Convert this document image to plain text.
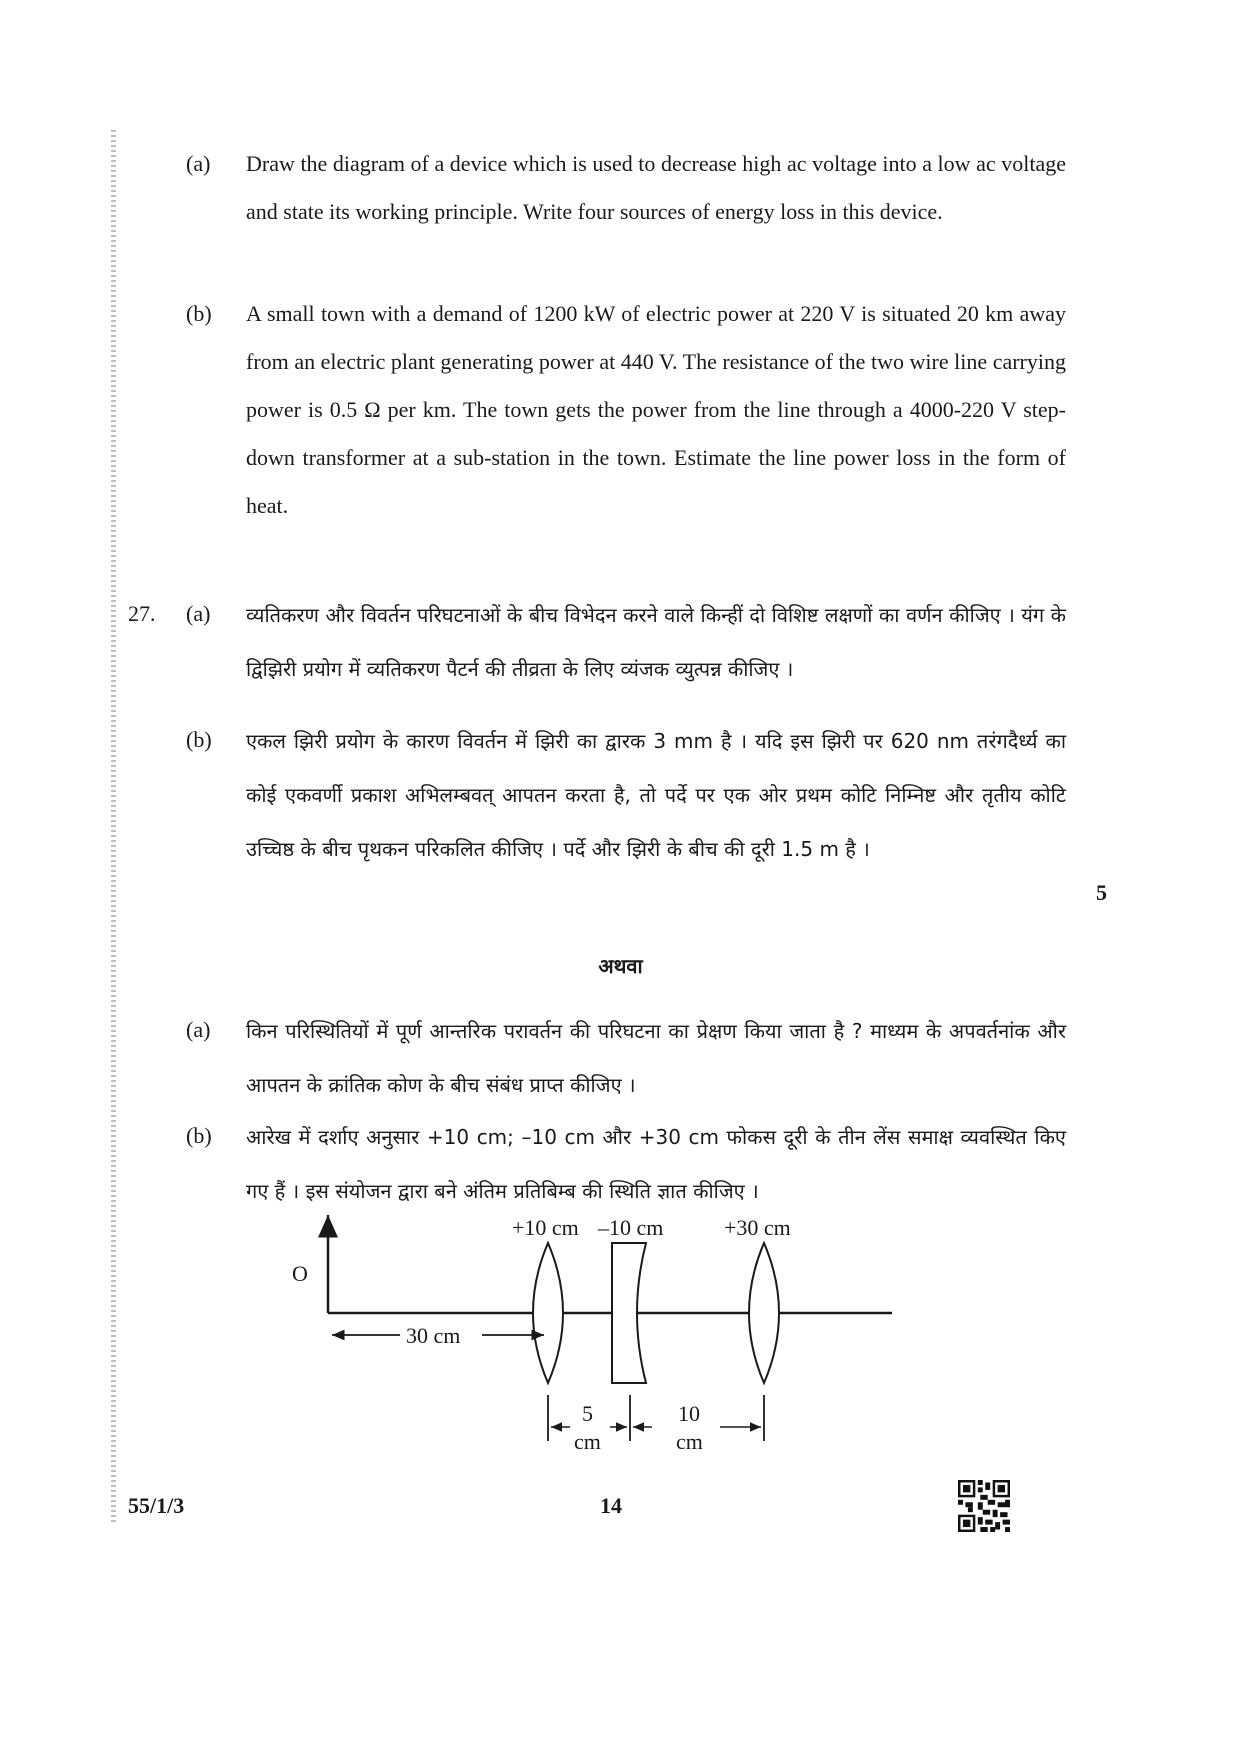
(a) Draw the diagram of a device which is used to decrease high ac voltage into a low ac voltage and state its working principle. Write four sources of energy loss in this device.
(b) A small town with a demand of 1200 kW of electric power at 220 V is situated 20 km away from an electric plant generating power at 440 V. The resistance of the two wire line carrying power is 0.5 Ω per km. The town gets the power from the line through a 4000-220 V step-down transformer at a sub-station in the town. Estimate the line power loss in the form of heat.
27. (a) व्यतिकरण और विवर्तन परिघटनाओं के बीच विभेदन करने वाले किन्हीं दो विशिष्ट लक्षणों का वर्णन कीजिए । यंग के द्विझिरी प्रयोग में व्यतिकरण पैटर्न की तीव्रता के लिए व्यंजक व्युत्पन्न कीजिए ।
(b) एकल झिरी प्रयोग के कारण विवर्तन में झिरी का द्वारक 3 mm है । यदि इस झिरी पर 620 nm तरंगदैर्ध्य का कोई एकवर्णी प्रकाश अभिलम्बवत् आपतन करता है, तो पर्दे पर एक ओर प्रथम कोटि निम्निष्ट और तृतीय कोटि उच्चिष्ठ के बीच पृथकन परिकलित कीजिए । पर्दे और झिरी के बीच की दूरी 1.5 m है ।
5
अथवा
(a) किन परिस्थितियों में पूर्ण आन्तरिक परावर्तन की परिघटना का प्रेक्षण किया जाता है ? माध्यम के अपवर्तनांक और आपतन के क्रांतिक कोण के बीच संबंध प्राप्त कीजिए ।
(b) आरेख में दर्शाए अनुसार +10 cm; –10 cm और +30 cm फोकस दूरी के तीन लेंस समाक्ष व्यवस्थित किए गए हैं । इस संयोजन द्वारा बने अंतिम प्रतिबिम्ब की स्थिति ज्ञात कीजिए ।
O
+10 cm –10 cm	+30 cm
30 cm
5
cm
10
cm
55/1/3	14
